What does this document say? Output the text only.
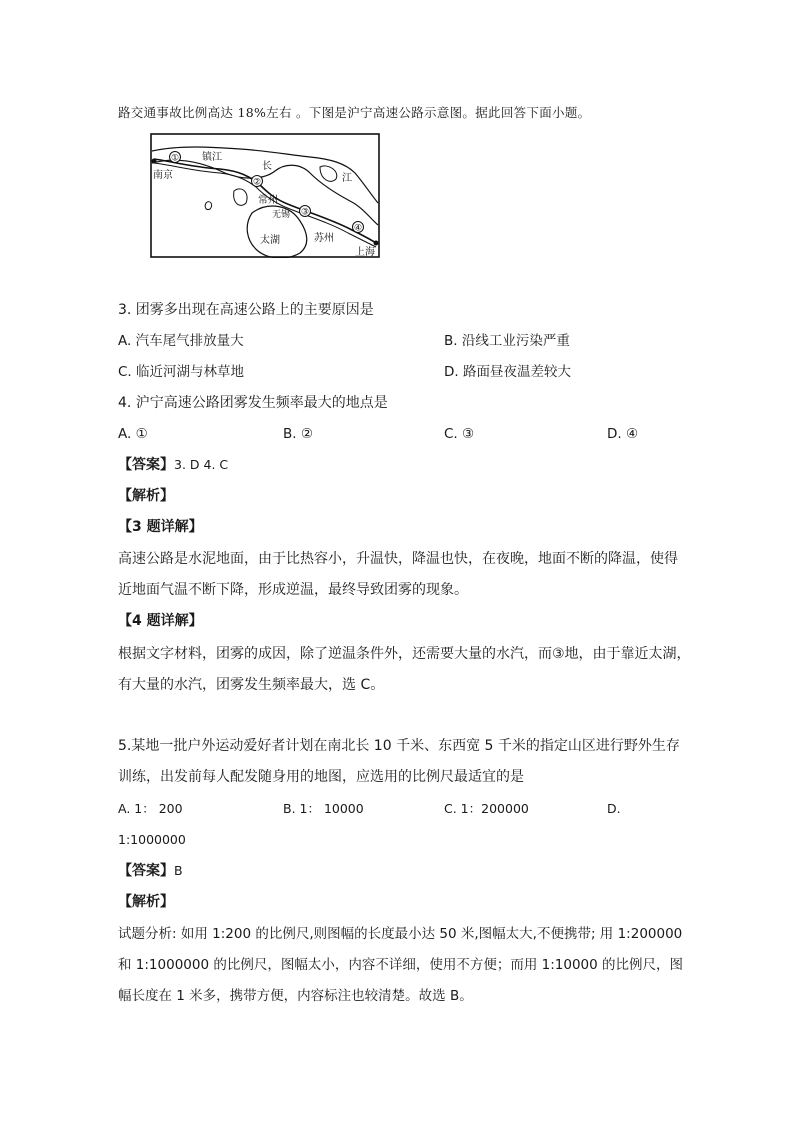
路交通事故比例高达 18%左右 。下图是沪宁高速公路示意图。据此回答下面小题。
①
②
③
④
南京
镇江
常州
无锡
苏州
上海
太湖
长
江
3. 团雾多出现在高速公路上的主要原因是
A. 汽车尾气排放量大	B. 沿线工业污染严重
C. 临近河湖与林草地	D. 路面昼夜温差较大
4. 沪宁高速公路团雾发生频率最大的地点是
A. ①	B. ②	C. ③	D. ④
【答案】3. D 4. C
【解析】
【3 题详解】
高速公路是水泥地面，由于比热容小，升温快，降温也快，在夜晚，地面不断的降温，使得
近地面气温不断下降，形成逆温，最终导致团雾的现象。
【4 题详解】
根据文字材料，团雾的成因，除了逆温条件外，还需要大量的水汽，而③地，由于靠近太湖，
有大量的水汽，团雾发生频率最大，选 C。
5.某地一批户外运动爱好者计划在南北长 10 千米、东西宽 5 千米的指定山区进行野外生存
训练，出发前每人配发随身用的地图，应选用的比例尺最适宜的是
A. 1： 200	B. 1： 10000	C. 1：200000	D.
1:1000000
【答案】B
【解析】
试题分析: 如用 1:200 的比例尺,则图幅的长度最小达 50 米,图幅太大,不便携带; 用 1:200000
和 1:1000000 的比例尺，图幅太小，内容不详细，使用不方便；而用 1:10000 的比例尺，图
幅长度在 1 米多，携带方便，内容标注也较清楚。故选 B。
